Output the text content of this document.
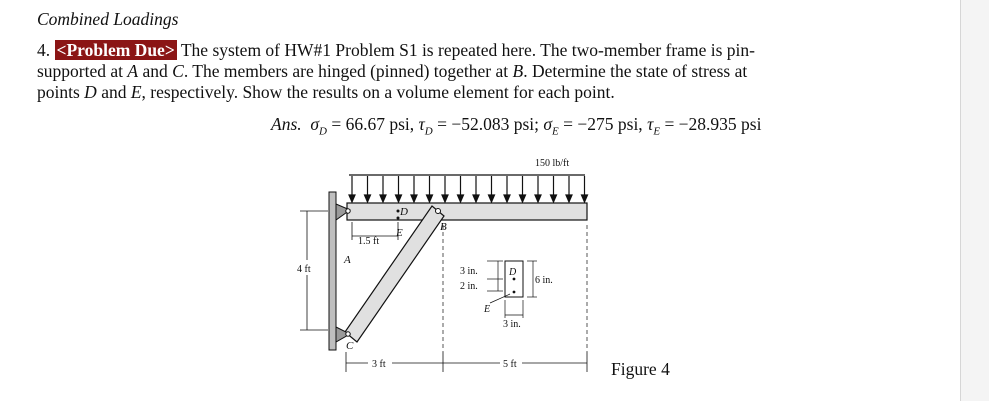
Combined Loadings
4. <Problem Due> The system of HW#1 Problem S1 is repeated here. The two-member frame is pin-
supported at A and C. The members are hinged (pinned) together at B. Determine the state of stress at
points D and E, respectively. Show the results on a volume element for each point.
Ans. $\sigma_D = 66.67$ psi, $\tau_D = -52.083$ psi; $\sigma_E = -275$ psi, $\tau_E = -28.935$ psi
150 lb/ft
A
B
C
D
E
1.5 ft
4 ft
3 ft	5 ft
D
E
3 in.
2 in.
6 in.
3 in.
Figure 4
